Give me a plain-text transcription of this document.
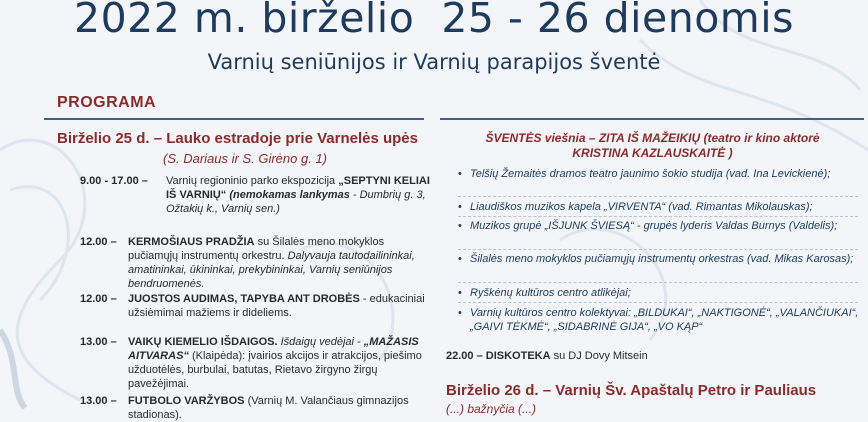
2022 m. birželio  25 - 26 dienomis
Varnių seniūnijos ir Varnių parapijos šventė
PROGRAMA
Birželio 25 d. – Lauko estradoje prie Varnelės upės
(S. Dariaus ir S. Girėno g. 1)
9.00 - 17.00 – Varnių regioninio parko ekspozicija „SEPTYNI KELIAI IŠ VARNIŲ“ (nemokamas lankymas - Dumbrių g. 3, Ožtakių k., Varnių sen.)
12.00 – KERMOŠIAUS PRADŽIA su Šilalės meno mokyklos pučiamųjų instrumentų orkestru. Dalyvauja tautodailininkai, amatininkai, ūkininkai, prekybininkai, Varnių seniūnijos bendruomenės.
12.00 – JUOSTOS AUDIMAS, TAPYBA ANT DROBĖS - edukaciniai užsiėmimai mažiems ir dideliems.
13.00 – VAIKŲ KIEMELIO IŠDAIGOS. Išdaigų vedėjai - „MAŽASIS AITVARAS“ (Klaipėda): įvairios akcijos ir atrakcijos, piešimo užduotėlės, burbulai, batutas, Rietavo žirgyno žirgų pavežėjimai.
13.00 – FUTBOLO VARŽYBOS (Varnių M. Valančiaus gimnazijos stadionas).
ŠVENTĖS viešnia – ZITA IŠ MAŽEIKIŲ (teatro ir kino aktorė
KRISTINA KAZLAUSKAITĖ )
• Telšių Žemaitės dramos teatro jaunimo šokio studija (vad. Ina Levickienė);
• Liaudiškos muzikos kapela „VIRVENTA“ (vad. Rimantas Mikolauskas);
• Muzikos grupė „IŠJUNK ŠVIESĄ“ - grupės lyderis Valdas Burnys (Valdelis);
• Šilalės meno mokyklos pučiamųjų instrumentų orkestras (vad. Mikas Karosas);
• Ryškėnų kultūros centro atlikėjai;
• Varnių kultūros centro kolektyvai: „BILDUKAI“, „NAKTIGONĖ“, „VALANČIUKAI“, „GAIVI TĖKMĖ“, „SIDABRINĖ GIJA“, „VO KĄP“
22.00 – DISKOTEKA su DJ Dovy Mitsein
Birželio 26 d. – Varnių Šv. Apaštalų Petro ir Pauliaus
(...) bažnyčia (...)
